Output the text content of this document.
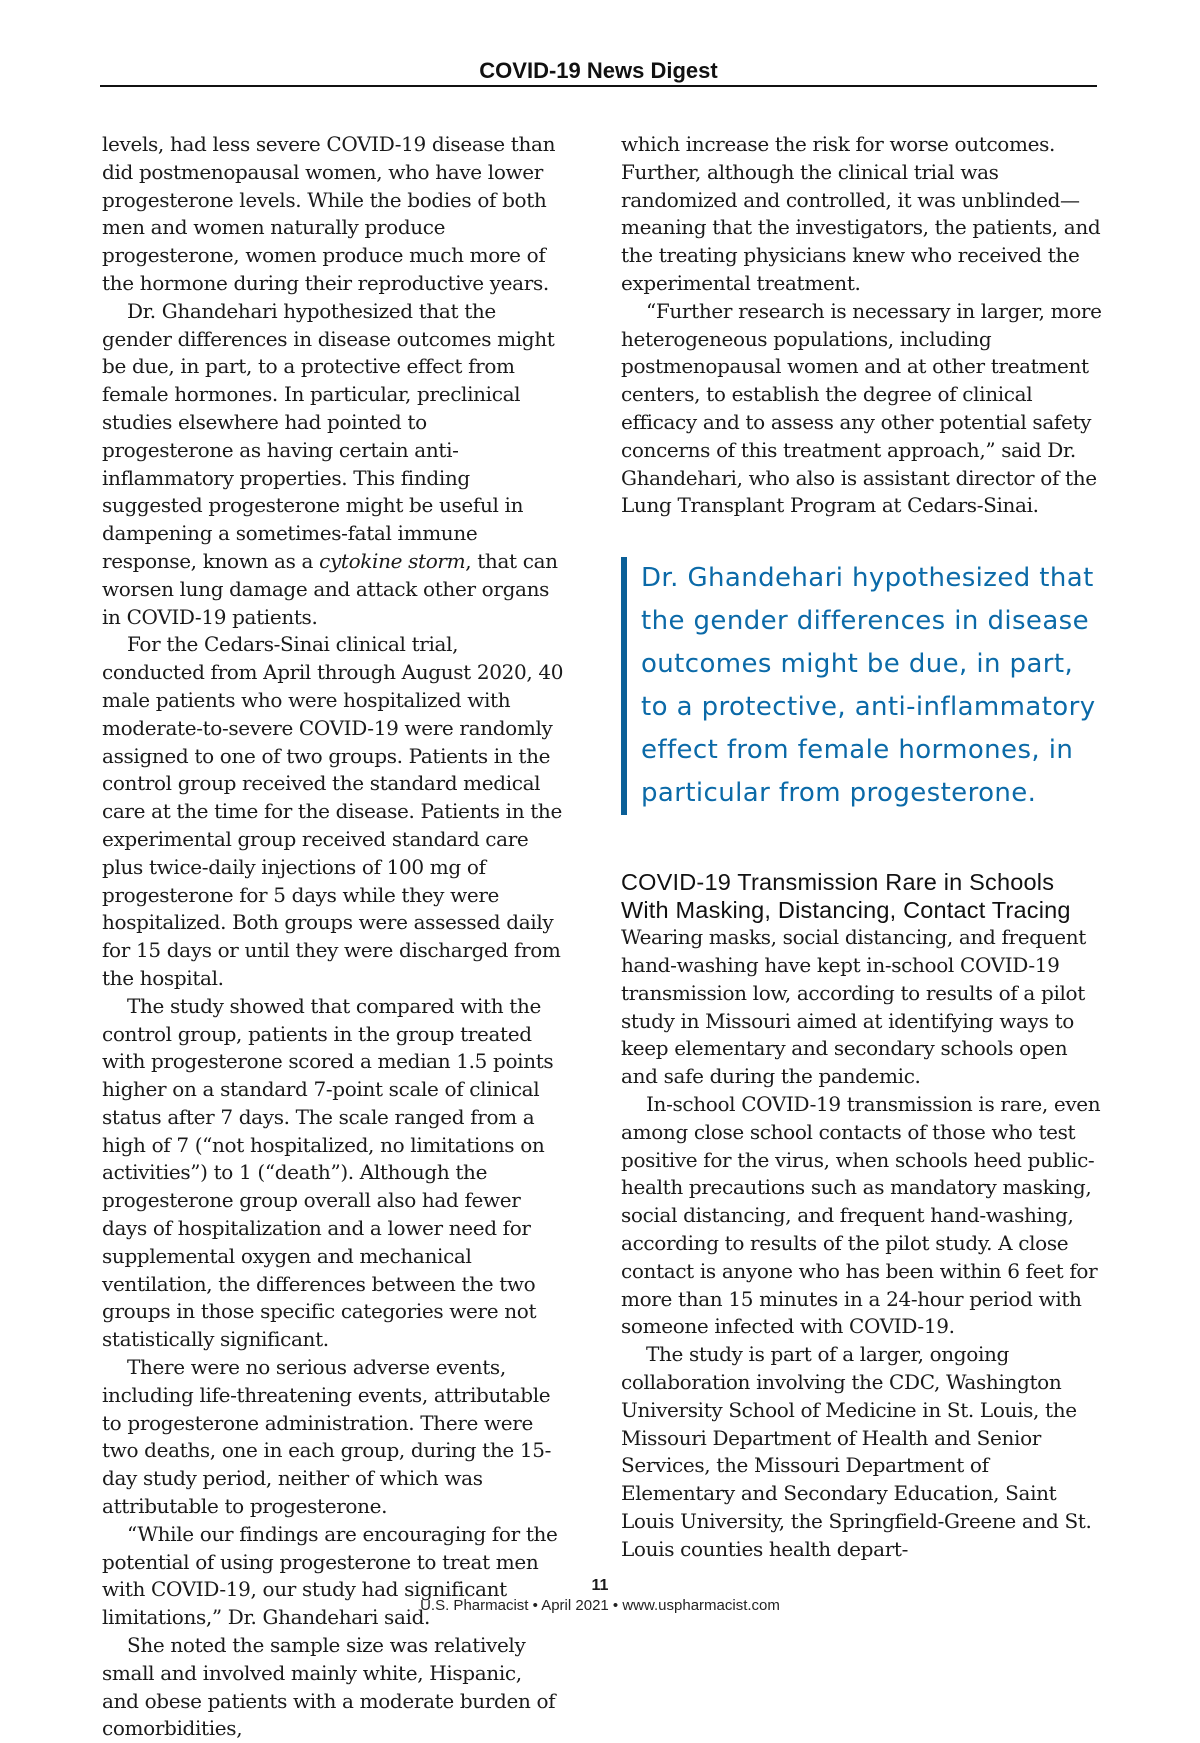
COVID-19 News Digest

levels, had less severe COVID-19 disease than did postmenopausal women, who have lower progesterone levels. While the bodies of both men and women naturally produce progesterone, women produce much more of the hormone during their reproductive years.

Dr. Ghandehari hypothesized that the gender differences in disease outcomes might be due, in part, to a protective effect from female hormones. In particular, preclinical studies elsewhere had pointed to progesterone as having certain anti-inflammatory properties. This finding suggested progesterone might be useful in dampening a sometimes-fatal immune response, known as a cytokine storm, that can worsen lung damage and attack other organs in COVID-19 patients.

For the Cedars-Sinai clinical trial, conducted from April through August 2020, 40 male patients who were hospitalized with moderate-to-severe COVID-19 were randomly assigned to one of two groups. Patients in the control group received the standard medical care at the time for the disease. Patients in the experimental group received standard care plus twice-daily injections of 100 mg of progesterone for 5 days while they were hospitalized. Both groups were assessed daily for 15 days or until they were discharged from the hospital.

The study showed that compared with the control group, patients in the group treated with progesterone scored a median 1.5 points higher on a standard 7-point scale of clinical status after 7 days. The scale ranged from a high of 7 (“not hospitalized, no limitations on activities”) to 1 (“death”). Although the progesterone group overall also had fewer days of hospitalization and a lower need for supplemental oxygen and mechanical ventilation, the differences between the two groups in those specific categories were not statistically significant.

There were no serious adverse events, including life-threatening events, attributable to progesterone administration. There were two deaths, one in each group, during the 15-day study period, neither of which was attributable to progesterone.

“While our findings are encouraging for the potential of using progesterone to treat men with COVID-19, our study had significant limitations,” Dr. Ghandehari said.

She noted the sample size was relatively small and involved mainly white, Hispanic, and obese patients with a moderate burden of comorbidities,

which increase the risk for worse outcomes. Further, although the clinical trial was randomized and controlled, it was unblinded—meaning that the investigators, the patients, and the treating physicians knew who received the experimental treatment.

“Further research is necessary in larger, more heterogeneous populations, including postmenopausal women and at other treatment centers, to establish the degree of clinical efficacy and to assess any other potential safety concerns of this treatment approach,” said Dr. Ghandehari, who also is assistant director of the Lung Transplant Program at Cedars-Sinai.

Dr. Ghandehari hypothesized that the gender differences in disease outcomes might be due, in part, to a protective, anti-inflammatory effect from female hormones, in particular from progesterone.
COVID-19 Transmission Rare in Schools With Masking, Distancing, Contact Tracing

Wearing masks, social distancing, and frequent hand-washing have kept in-school COVID-19 transmission low, according to results of a pilot study in Missouri aimed at identifying ways to keep elementary and secondary schools open and safe during the pandemic.

In-school COVID-19 transmission is rare, even among close school contacts of those who test positive for the virus, when schools heed public-health precautions such as mandatory masking, social distancing, and frequent hand-washing, according to results of the pilot study. A close contact is anyone who has been within 6 feet for more than 15 minutes in a 24-hour period with someone infected with COVID-19.

The study is part of a larger, ongoing collaboration involving the CDC, Washington University School of Medicine in St. Louis, the Missouri Department of Health and Senior Services, the Missouri Department of Elementary and Secondary Education, Saint Louis University, the Springfield-Greene and St. Louis counties health depart-

11
U.S. Pharmacist • April 2021 • www.uspharmacist.com
